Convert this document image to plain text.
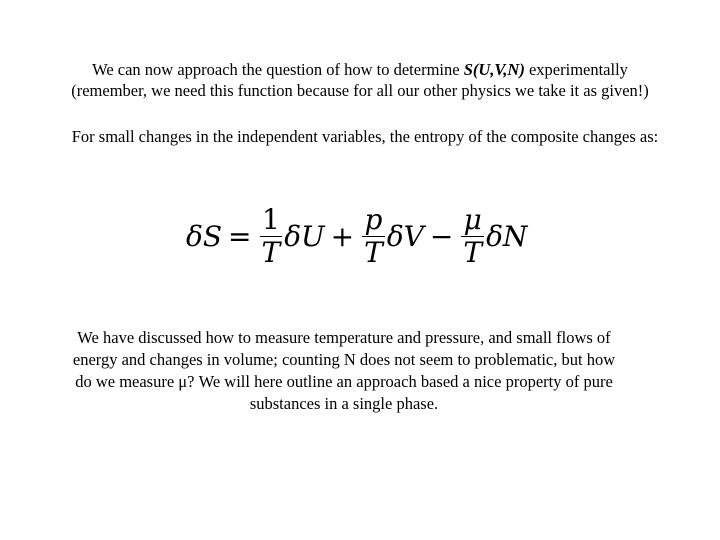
We can now approach the question of how to determine S(U,V,N) experimentally
(remember, we need this function because for all our other physics we take it as given!)
For small changes in the independent variables, the entropy of the composite changes as:
$\delta S = \frac{1}{T}$ $\delta U + \frac{p}{T}$ $\delta V - \frac{\mu}{T}$ δN
We have discussed how to measure temperature and pressure, and small flows of energy and changes in volume; counting N does not seem to problematic, but how do we measure μ? We will here outline an approach based a nice property of pure substances in a single phase.
